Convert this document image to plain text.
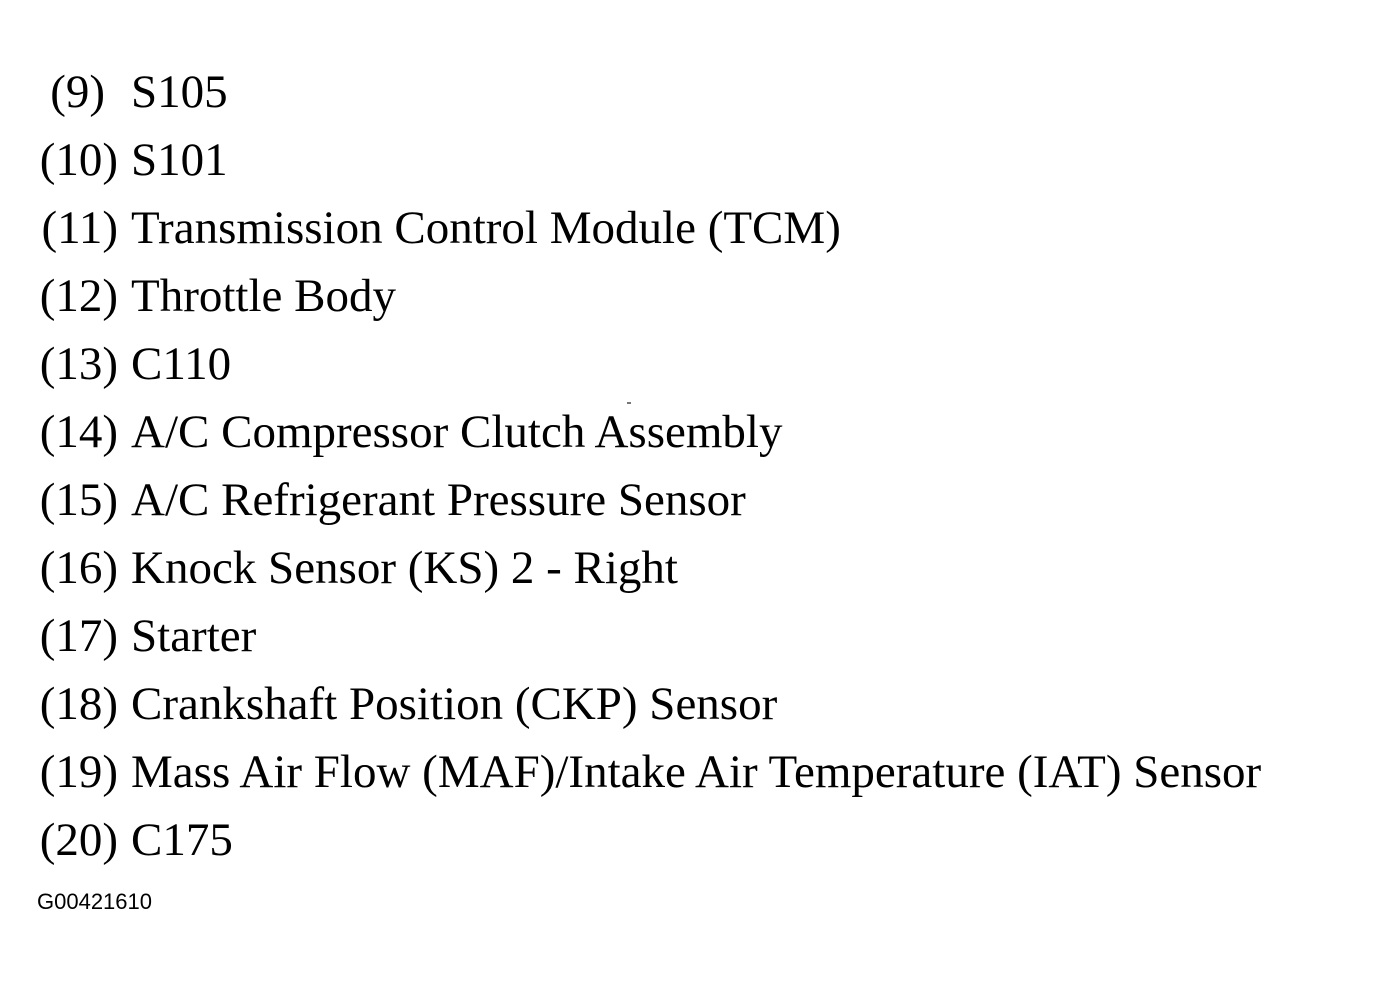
(9) S105
(10) S101
(11) Transmission Control Module (TCM)
(12) Throttle Body
(13) C110
(14) A/C Compressor Clutch Assembly
(15) A/C Refrigerant Pressure Sensor
(16) Knock Sensor (KS) 2 - Right
(17) Starter
(18) Crankshaft Position (CKP) Sensor
(19) Mass Air Flow (MAF)/Intake Air Temperature (IAT) Sensor
(20) C175
G00421610
